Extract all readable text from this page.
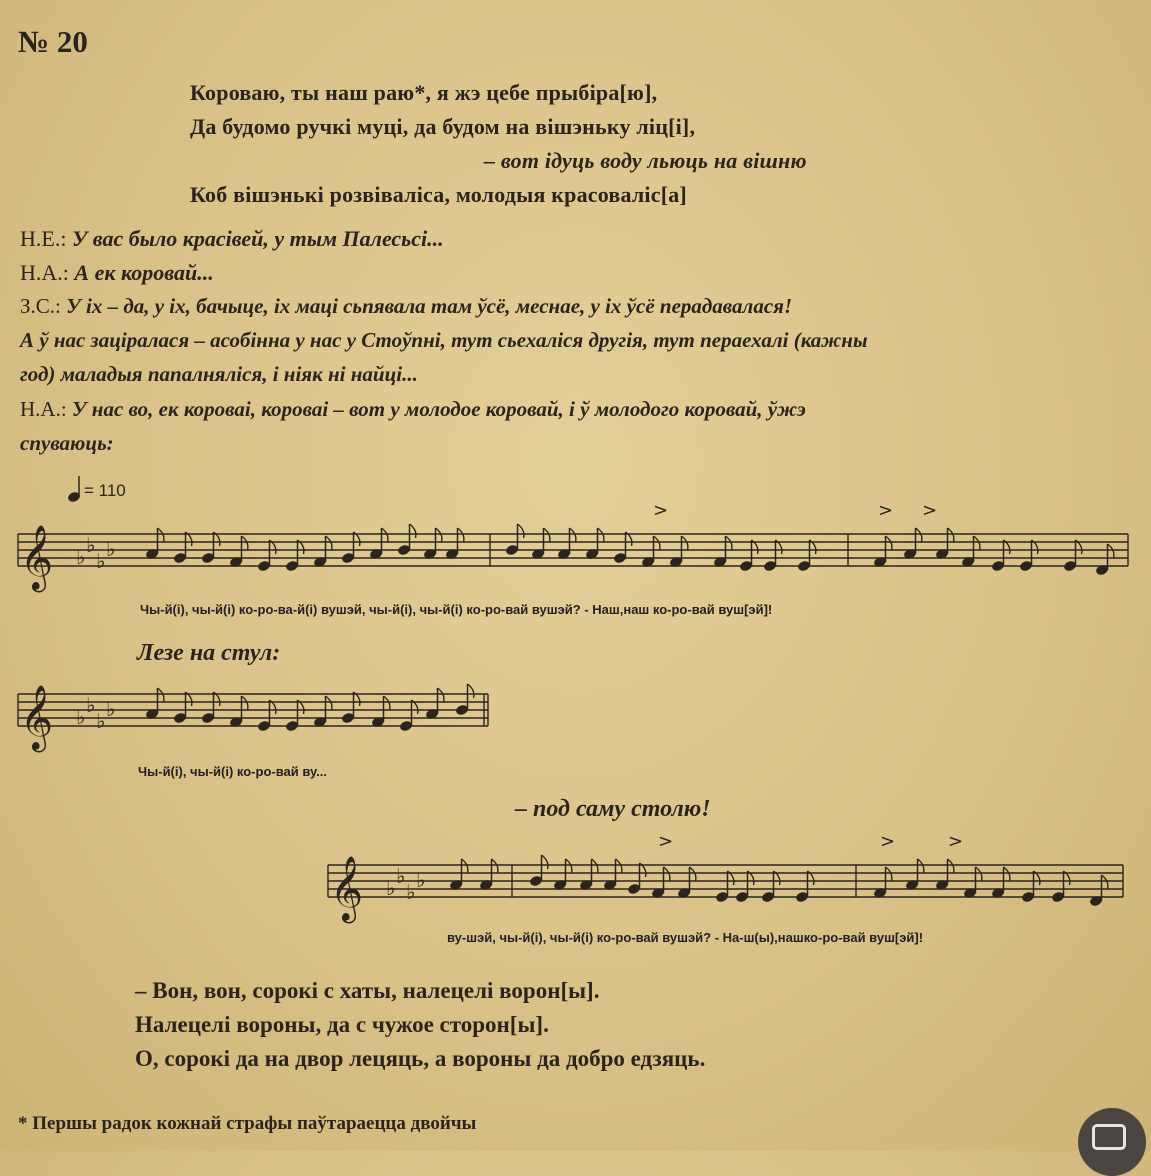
№ 20
Короваю, ты наш раю*, я жэ цебе прыбіра[ю],
Да будомо ручкі муці, да будом на вішэньку ліц[і],
– вот ідуць воду льюць на вішню
Коб вішэнькі розвіваліса, молодыя красоваліс[а]
Н.Е.: У вас было красівей, у тым Палесьсі...
Н.А.: А ек коровай...
З.С.: У іх – да, у іх, бачыце, іх маці сьпявала там ўсё, меснае, у іх ўсё перадавалася!
А ў нас заціралася – асобінна у нас у Стоўпні, тут сьехаліся другія, тут пераехалі (кажны
год) маладыя папалняліся, і ніяк ні найці...
Н.А.: У нас во, ек короваі, короваі – вот у молодое коровай, і ў молодого коровай, ўжэ
спуваюць:
= 110
𝄞 ♭ ♭
♭ ♭
>	> >
Чы-й(і), чы-й(і) ко-ро-ва-й(і) вушэй, чы-й(і), чы-й(і) ко-ро-вай вушэй? - Наш,наш ко-ро-вай вуш[эй]!
Лезе на стул:
𝄞 ♭ ♭
♭ ♭
Чы-й(і), чы-й(і) ко-ро-вай ву...
– под саму столю!
𝄞 ♭ ♭
♭ ♭
>	>	>
ву-шэй, чы-й(і), чы-й(і) ко-ро-вай вушэй? - На-ш(ы),нашко-ро-вай вуш[эй]!
– Вон, вон, сорокі с хаты, налецелі ворон[ы].
Налецелі вороны, да с чужое сторон[ы].
О, сорокі да на двор лецяць, а вороны да добро едзяць.
* Першы радок кожнай страфы паўтараецца двойчы
